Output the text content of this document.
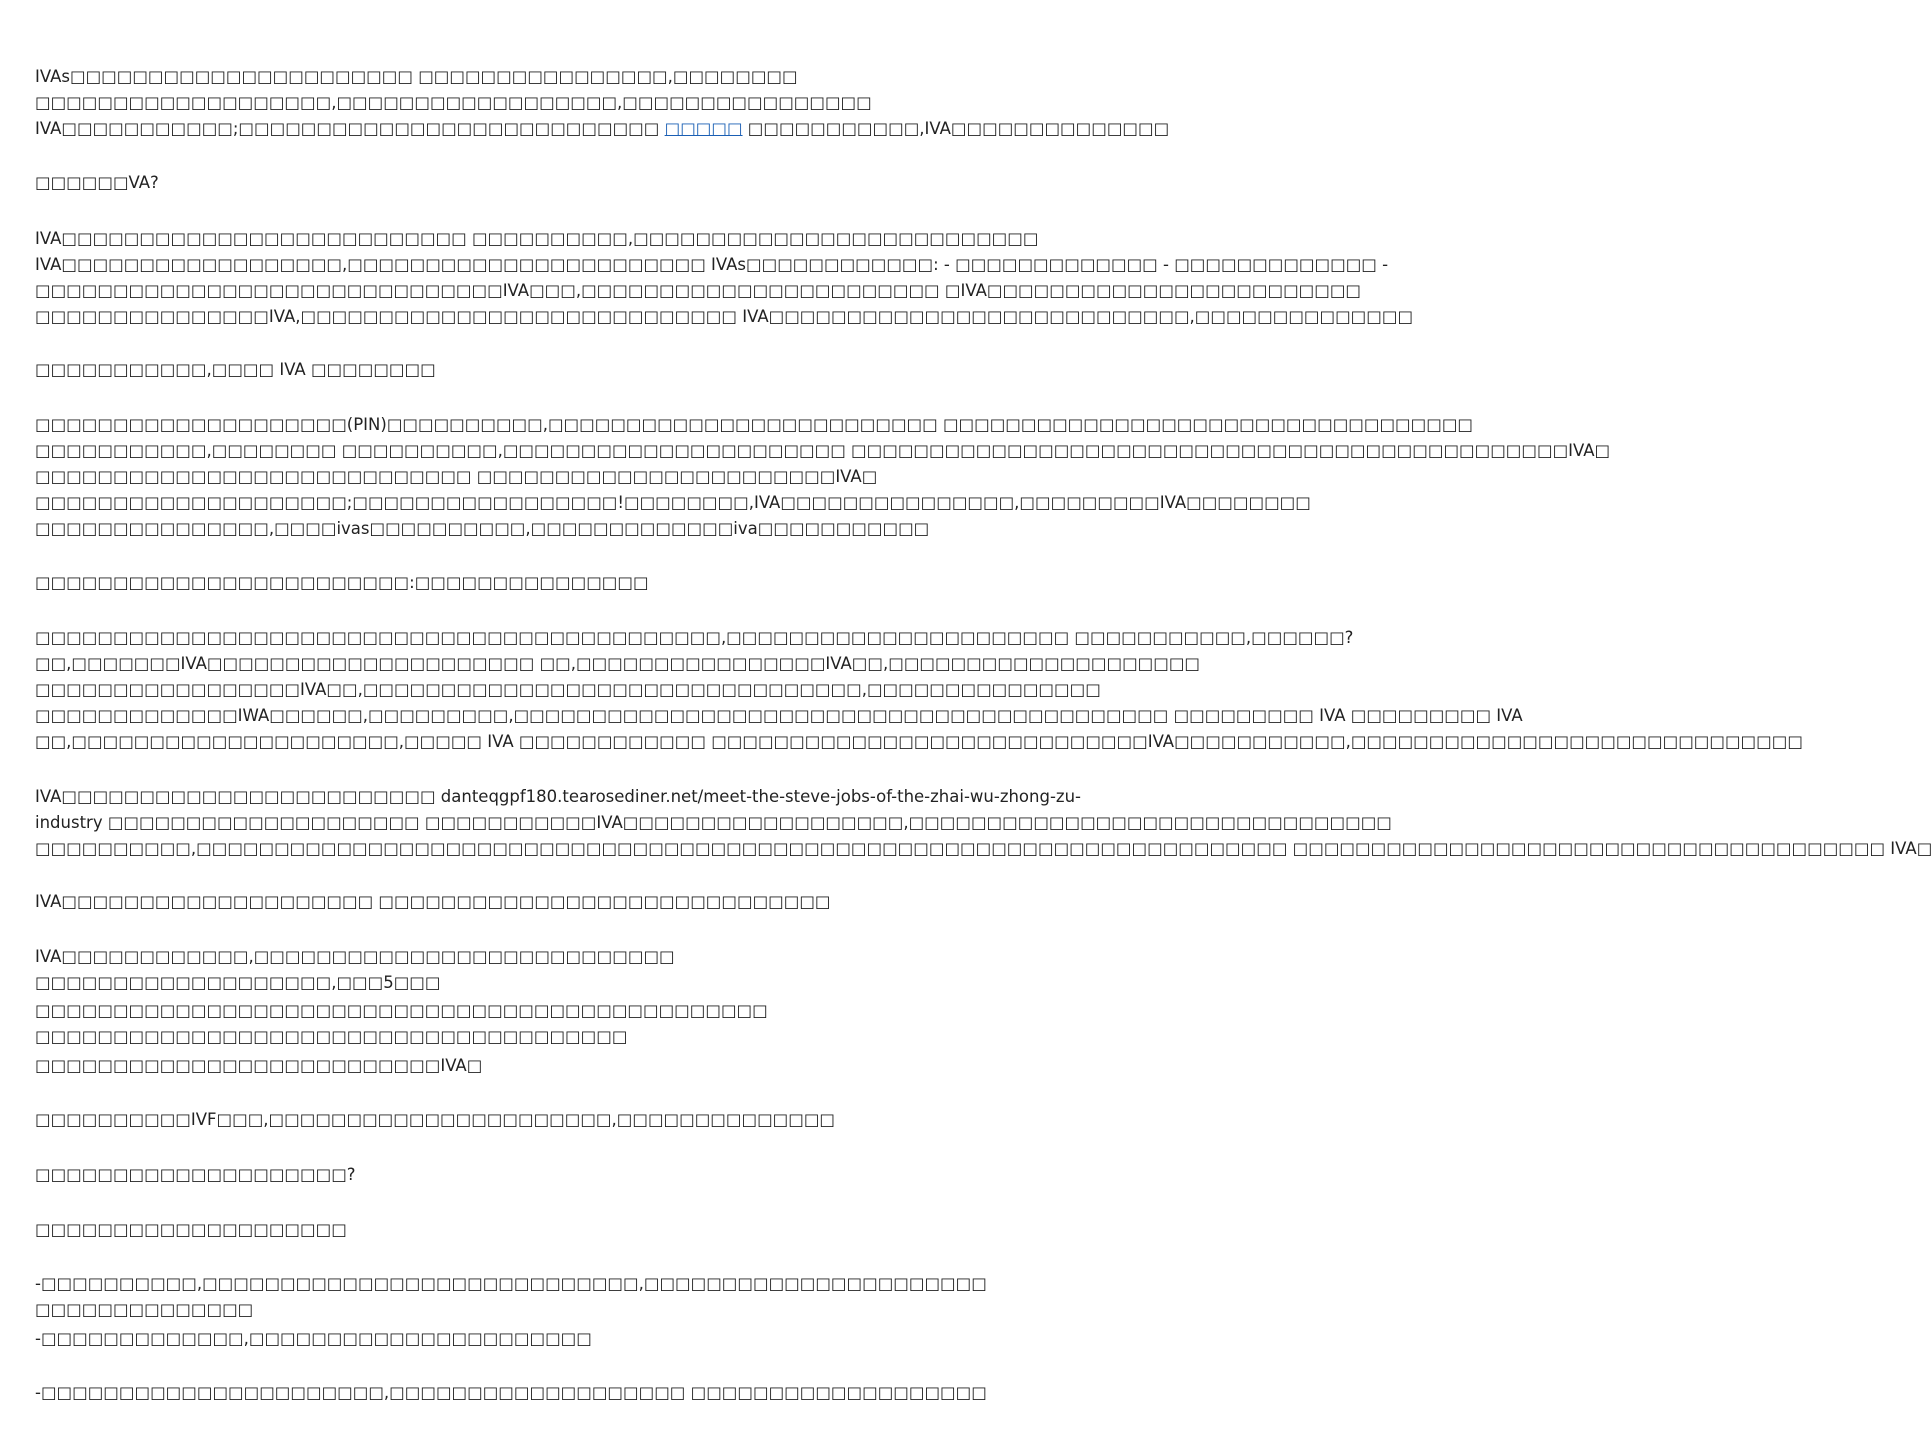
IVAs□□□□□□□□□□□□□□□□□□□□□□ □□□□□□□□□□□□□□□□,□□□□□□□□
□□□□□□□□□□□□□□□□□□□,□□□□□□□□□□□□□□□□□□,□□□□□□□□□□□□□□□□
IVA□□□□□□□□□□□;□□□□□□□□□□□□□□□□□□□□□□□□□□□ □□□□□ □□□□□□□□□□□,IVA□□□□□□□□□□□□□□

□□□□□□VA?

IVA□□□□□□□□□□□□□□□□□□□□□□□□□□ □□□□□□□□□□,□□□□□□□□□□□□□□□□□□□□□□□□□□
IVA□□□□□□□□□□□□□□□□□□,□□□□□□□□□□□□□□□□□□□□□□□ IVAs□□□□□□□□□□□□: - □□□□□□□□□□□□□ - □□□□□□□□□□□□□ -
□□□□□□□□□□□□□□□□□□□□□□□□□□□□□□IVA□□□,□□□□□□□□□□□□□□□□□□□□□□□ □IVA□□□□□□□□□□□□□□□□□□□□□□□□
□□□□□□□□□□□□□□□IVA,□□□□□□□□□□□□□□□□□□□□□□□□□□□□ IVA□□□□□□□□□□□□□□□□□□□□□□□□□□□,□□□□□□□□□□□□□□

□□□□□□□□□□□,□□□□ IVA □□□□□□□□

□□□□□□□□□□□□□□□□□□□□(PIN)□□□□□□□□□□,□□□□□□□□□□□□□□□□□□□□□□□□□ □□□□□□□□□□□□□□□□□□□□□□□□□□□□□□□□□□
□□□□□□□□□□□,□□□□□□□□ □□□□□□□□□□,□□□□□□□□□□□□□□□□□□□□□□ □□□□□□□□□□□□□□□□□□□□□□□□□□□□□□□□□□□□□□□□□□□□□□IVA□
□□□□□□□□□□□□□□□□□□□□□□□□□□□□ □□□□□□□□□□□□□□□□□□□□□□□IVA□
□□□□□□□□□□□□□□□□□□□□;□□□□□□□□□□□□□□□□□!□□□□□□□□,IVA□□□□□□□□□□□□□□□,□□□□□□□□□IVA□□□□□□□□
□□□□□□□□□□□□□□□,□□□□ivas□□□□□□□□□□,□□□□□□□□□□□□□iva□□□□□□□□□□□

□□□□□□□□□□□□□□□□□□□□□□□□:□□□□□□□□□□□□□□□

□□□□□□□□□□□□□□□□□□□□□□□□□□□□□□□□□□□□□□□□□□□□,□□□□□□□□□□□□□□□□□□□□□□ □□□□□□□□□□□,□□□□□□?
□□,□□□□□□□IVA□□□□□□□□□□□□□□□□□□□□□ □□,□□□□□□□□□□□□□□□□IVA□□,□□□□□□□□□□□□□□□□□□□□
□□□□□□□□□□□□□□□□□IVA□□,□□□□□□□□□□□□□□□□□□□□□□□□□□□□□□□□,□□□□□□□□□□□□□□□
□□□□□□□□□□□□□IWA□□□□□□,□□□□□□□□□,□□□□□□□□□□□□□□□□□□□□□□□□□□□□□□□□□□□□□□□□□□ □□□□□□□□□ IVA □□□□□□□□□ IVA
□□,□□□□□□□□□□□□□□□□□□□□□,□□□□□ IVA □□□□□□□□□□□□ □□□□□□□□□□□□□□□□□□□□□□□□□□□□IVA□□□□□□□□□□□,□□□□□□□□□□□□□□□□□□□□□□□□□□□□□

IVA□□□□□□□□□□□□□□□□□□□□□□□□ danteqgpf180.tearosediner.net/meet-the-steve-jobs-of-the-zhai-wu-zhong-zu-
industry □□□□□□□□□□□□□□□□□□□□ □□□□□□□□□□□IVA□□□□□□□□□□□□□□□□□□,□□□□□□□□□□□□□□□□□□□□□□□□□□□□□□□
□□□□□□□□□□,□□□□□□□□□□□□□□□□□□□□□□□□□□□□□□□□□□□□□□□□□□□□□□□□□□□□□□□□□□□□□□□□□□□□□□ □□□□□□□□□□□□□□□□□□□□□□□□□□□□□□□□□□□□□□ IVA□

IVA□□□□□□□□□□□□□□□□□□□□ □□□□□□□□□□□□□□□□□□□□□□□□□□□□□

IVA□□□□□□□□□□□□,□□□□□□□□□□□□□□□□□□□□□□□□□□□ □□□□□□□□□□□□□□□□□□□,□□□5□□□

□□□□□□□□□□□□□□□□□□□□□□□□□□□□□□□□□□□□□□□□□□□□□□□ □□□□□□□□□□□□□□□□□□□□□□□□□□□□□□□□□□□□□□

□□□□□□□□□□□□□□□□□□□□□□□□□□IVA□

□□□□□□□□□□IVF□□□,□□□□□□□□□□□□□□□□□□□□□□,□□□□□□□□□□□□□□

□□□□□□□□□□□□□□□□□□□□?

□□□□□□□□□□□□□□□□□□□□

-□□□□□□□□□□,□□□□□□□□□□□□□□□□□□□□□□□□□□□□,□□□□□□□□□□□□□□□□□□□□□□□□□□□□□□□□□□□□

-□□□□□□□□□□□□□,□□□□□□□□□□□□□□□□□□□□□□

-□□□□□□□□□□□□□□□□□□□□□□,□□□□□□□□□□□□□□□□□□□ □□□□□□□□□□□□□□□□□□□
